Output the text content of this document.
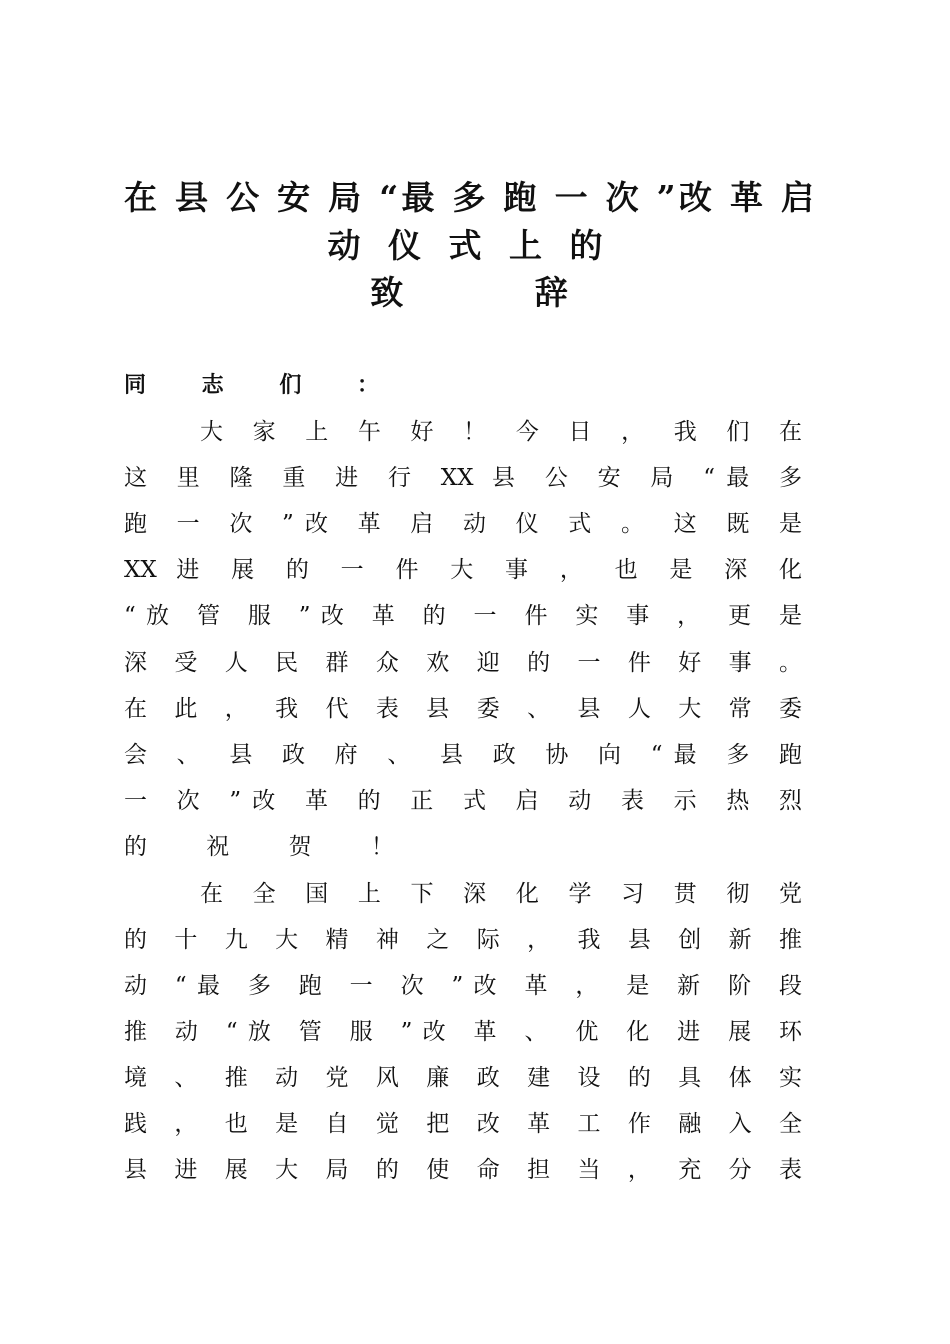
在 县 公 安 局 “最 多 跑 一 次 ”改 革 启
动 仪 式 上 的
致 辞

同 志 们 ：

大 家 上 午 好 ！ 今 日 ， 我 们 在

这 里 隆 重 进 行 XX 县 公 安 局 “最 多

跑 一 次 ”改 革 启 动 仪 式 。 这 既 是

XX 进 展 的 一 件 大 事 ， 也 是 深 化

“放 管 服 ”改 革 的 一 件 实 事 ， 更 是

深 受 人 民 群 众 欢 迎 的 一 件 好 事 。

在 此 ， 我 代 表 县 委 、 县 人 大 常 委

会 、 县 政 府 、 县 政 协 向 “最 多 跑

一 次 ”改 革 的 正 式 启 动 表 示 热 烈

的 祝 贺 ！

在 全 国 上 下 深 化 学 习 贯 彻 党

的 十 九 大 精 神 之 际 ， 我 县 创 新 推

动 “最 多 跑 一 次 ”改 革 ， 是 新 阶 段

推 动 “放 管 服 ”改 革 、 优 化 进 展 环

境 、 推 动 党 风 廉 政 建 设 的 具 体 实

践 ， 也 是 自 觉 把 改 革 工 作 融 入 全

县 进 展 大 局 的 使 命 担 当 ， 充 分 表
